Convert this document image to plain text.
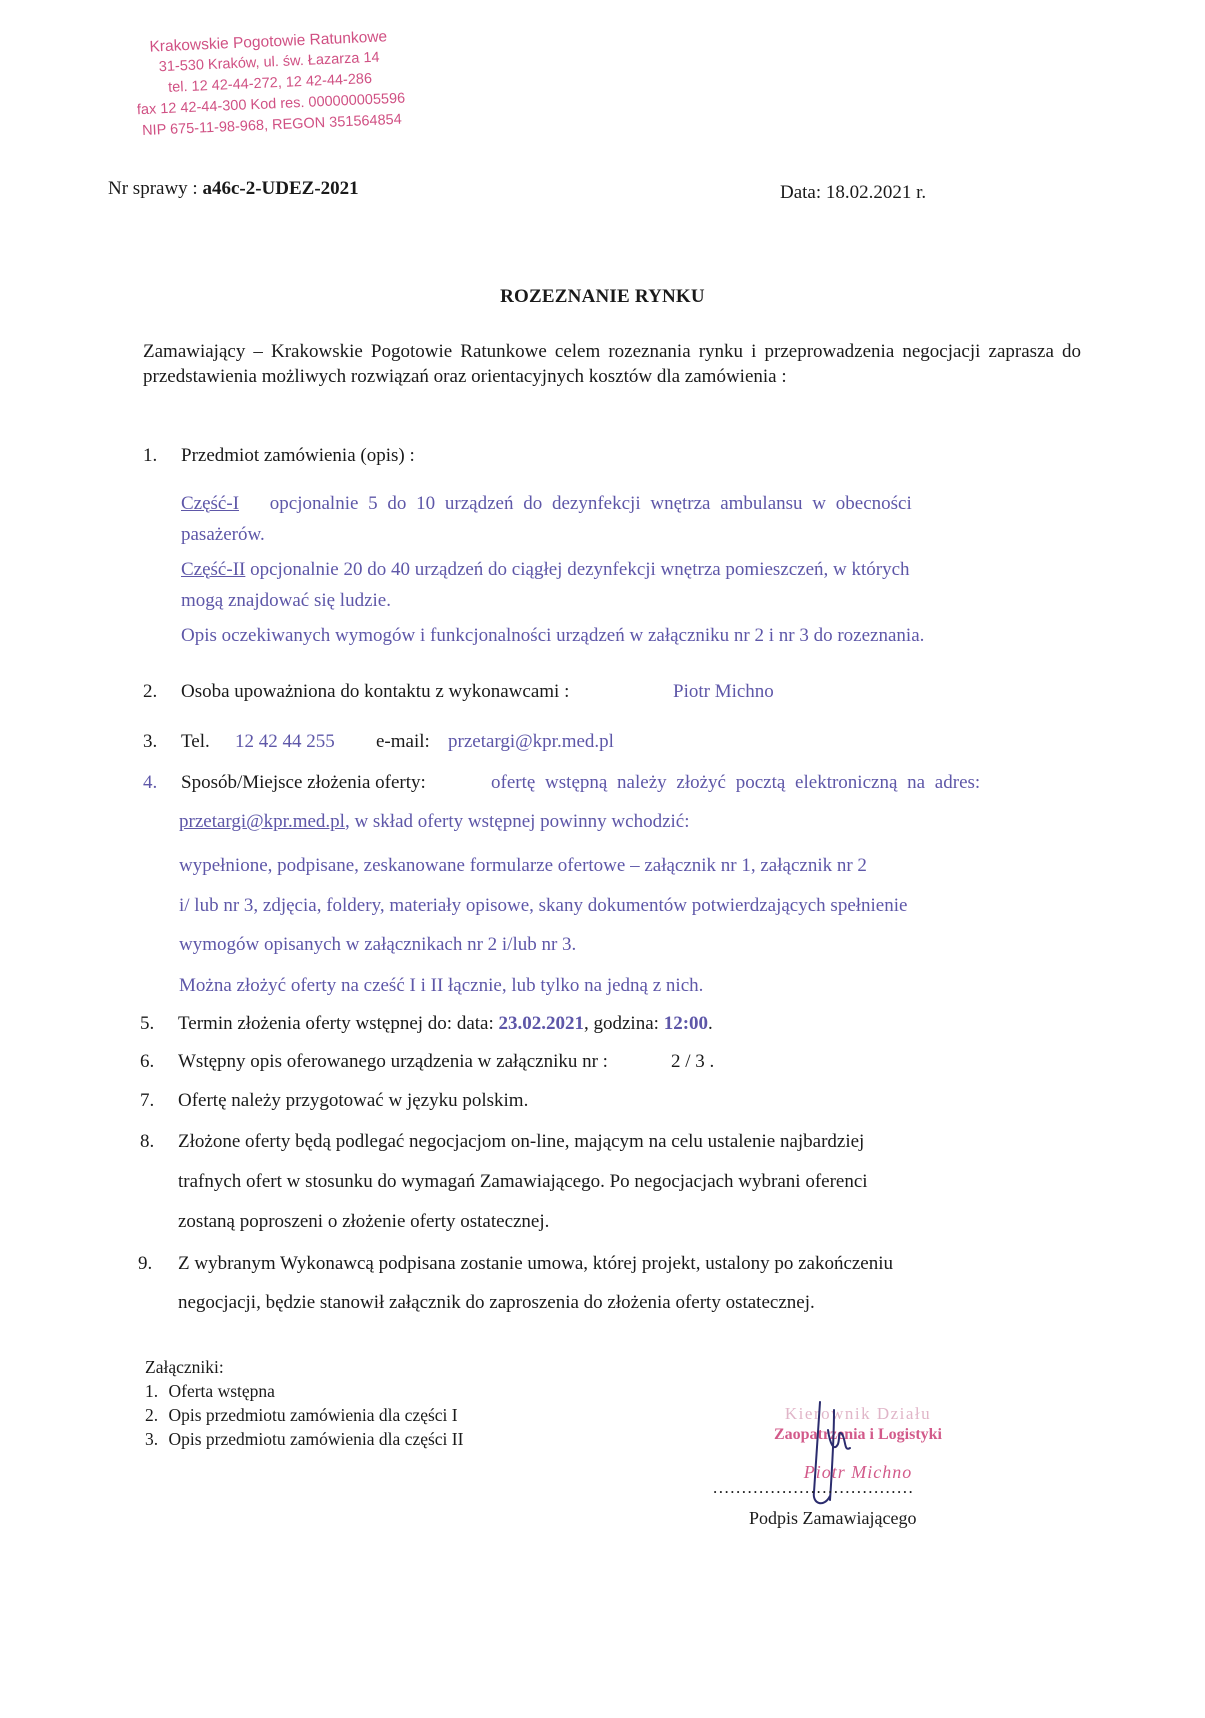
Krakowskie Pogotowie Ratunkowe
31-530 Kraków, ul. św. Łazarza 14
tel. 12 42-44-272, 12 42-44-286
fax 12 42-44-300 Kod res. 000000005596
NIP 675-11-98-968, REGON 351564854
Nr sprawy : a46c-2-UDEZ-2021	Data: 18.02.2021 r.
ROZEZNANIE RYNKU
Zamawiający – Krakowskie Pogotowie Ratunkowe celem rozeznania rynku i przeprowadzenia negocjacji zaprasza do przedstawienia możliwych rozwiązań oraz orientacyjnych kosztów dla zamówienia :
1. Przedmiot zamówienia (opis) :
Część-I opcjonalnie 5 do 10 urządzeń do dezynfekcji wnętrza ambulansu w obecności
pasażerów.
Część-II opcjonalnie 20 do 40 urządzeń do ciągłej dezynfekcji wnętrza pomieszczeń, w których
mogą znajdować się ludzie.
Opis oczekiwanych wymogów i funkcjonalności urządzeń w załączniku nr 2 i nr 3 do rozeznania.
2. Osoba upoważniona do kontaktu z wykonawcami :	Piotr Michno
3. Tel. 12 42 44 255 e-mail: przetargi@kpr.med.pl
4. Sposób/Miejsce złożenia oferty:	ofertę wstępną należy złożyć pocztą elektroniczną na adres:
przetargi@kpr.med.pl, w skład oferty wstępnej powinny wchodzić:
wypełnione, podpisane, zeskanowane formularze ofertowe – załącznik nr 1, załącznik nr 2
i/ lub nr 3, zdjęcia, foldery, materiały opisowe, skany dokumentów potwierdzających spełnienie
wymogów opisanych w załącznikach nr 2 i/lub nr 3.
Można złożyć oferty na cześć I i II łącznie, lub tylko na jedną z nich.
5. Termin złożenia oferty wstępnej do: data: 23.02.2021, godzina: 12:00.
6. Wstępny opis oferowanego urządzenia w załączniku nr :	2 / 3 .
7. Ofertę należy przygotować w języku polskim.
8. Złożone oferty będą podlegać negocjacjom on-line, mającym na celu ustalenie najbardziej
trafnych ofert w stosunku do wymagań Zamawiającego. Po negocjacjach wybrani oferenci
zostaną poproszeni o złożenie oferty ostatecznej.
9. Z wybranym Wykonawcą podpisana zostanie umowa, której projekt, ustalony po zakończeniu
negocjacji, będzie stanowił załącznik do zaproszenia do złożenia oferty ostatecznej.
Załączniki:
1. Oferta wstępna
2. Opis przedmiotu zamówienia dla części I
3. Opis przedmiotu zamówienia dla części II
Kierownik Działu
Zaopatrzenia i Logistyki
Piotr Michno
...................................
Podpis Zamawiającego
